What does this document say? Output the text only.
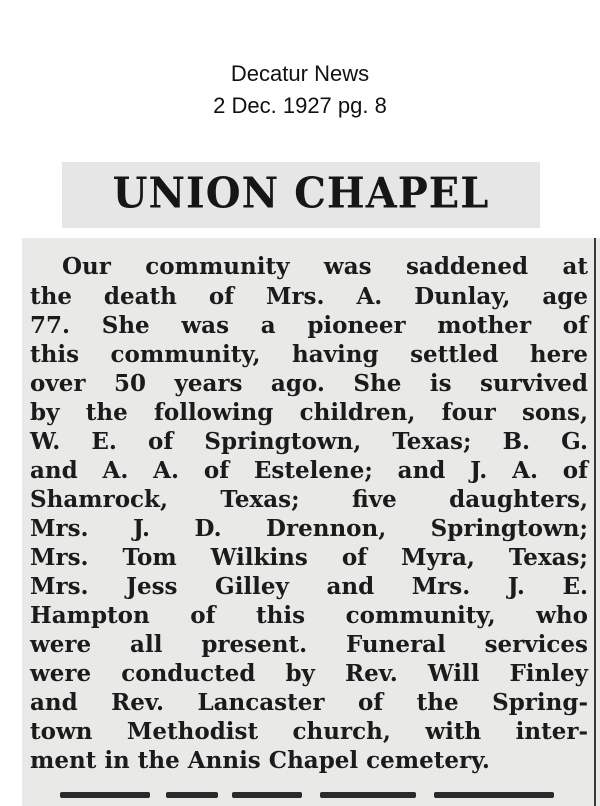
Decatur News
2 Dec. 1927 pg. 8
UNION CHAPEL
Our community was saddened at
the death of Mrs. A. Dunlay, age
77. She was a pioneer mother of
this community, having settled here
over 50 years ago. She is survived
by the following children, four sons,
W. E. of Springtown, Texas; B. G.
and A. A. of Estelene; and J. A. of
Shamrock, Texas; five daughters,
Mrs. J. D. Drennon, Springtown;
Mrs. Tom Wilkins of Myra, Texas;
Mrs. Jess Gilley and Mrs. J. E.
Hampton of this community, who
were all present. Funeral services
were conducted by Rev. Will Finley
and Rev. Lancaster of the Spring-
town Methodist church, with inter-
ment in the Annis Chapel cemetery.
